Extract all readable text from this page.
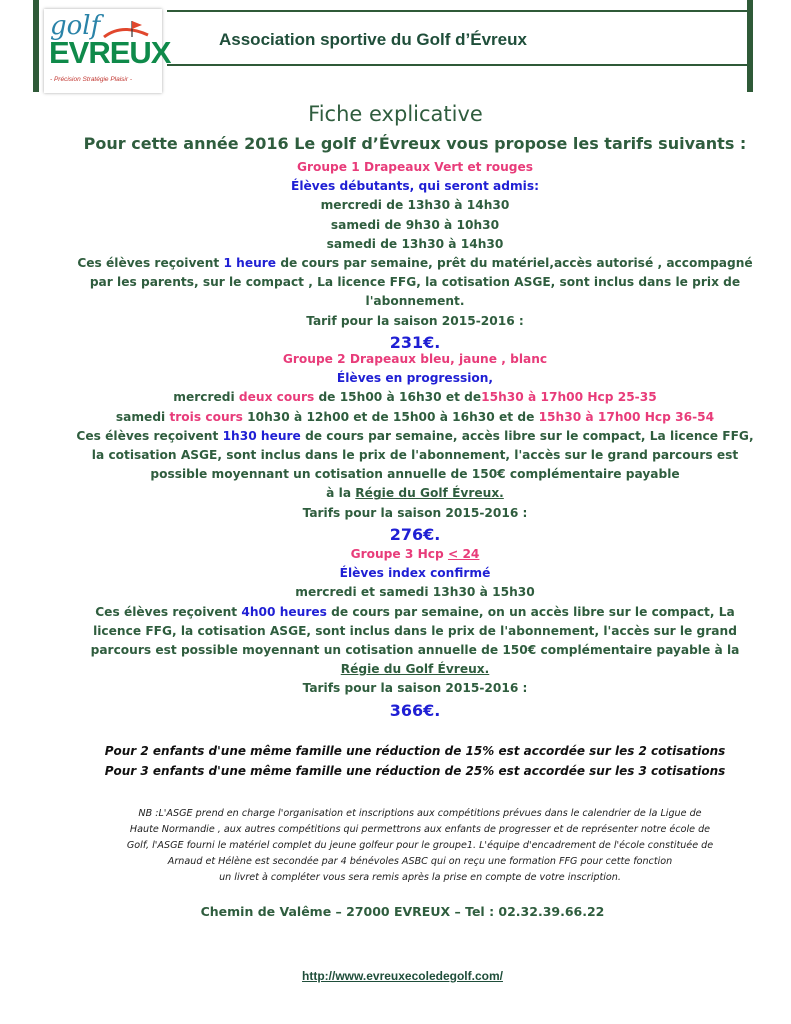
golf
EVREUX
- Précision Stratégie Plaisir -
Association sportive du Golf d’Évreux
Fiche explicative
Pour cette année 2016 Le golf d’Évreux vous propose les tarifs suivants :
Groupe 1 Drapeaux Vert et rouges
Élèves débutants, qui seront admis:
mercredi de 13h30 à 14h30
samedi de 9h30 à 10h30
samedi de 13h30 à 14h30
Ces élèves reçoivent 1 heure de cours par semaine, prêt du matériel,accès autorisé , accompagné
par les parents, sur le compact , La licence FFG, la cotisation ASGE, sont inclus dans le prix de
l'abonnement.
Tarif pour la saison 2015-2016 :
231€.
Groupe 2 Drapeaux bleu, jaune , blanc
Élèves en progression,
mercredi deux cours de 15h00 à 16h30 et de15h30 à 17h00 Hcp 25-35
samedi trois cours 10h30 à 12h00 et de 15h00 à 16h30 et de 15h30 à 17h00 Hcp 36-54
Ces élèves reçoivent 1h30 heure de cours par semaine, accès libre sur le compact, La licence FFG,
la cotisation ASGE, sont inclus dans le prix de l'abonnement, l'accès sur le grand parcours est
possible moyennant un cotisation annuelle de 150€ complémentaire payable
à la Régie du Golf Évreux.
Tarifs pour la saison 2015-2016 :
276€.
Groupe 3 Hcp < 24
Élèves index confirmé
mercredi et samedi 13h30 à 15h30
Ces élèves reçoivent 4h00 heures de cours par semaine, on un accès libre sur le compact, La
licence FFG, la cotisation ASGE, sont inclus dans le prix de l'abonnement, l'accès sur le grand
parcours est possible moyennant un cotisation annuelle de 150€ complémentaire payable à la
Régie du Golf Évreux.
Tarifs pour la saison 2015-2016 :
366€.
Pour 2 enfants d'une même famille une réduction de 15% est accordée sur les 2 cotisations
Pour 3 enfants d'une même famille une réduction de 25% est accordée sur les 3 cotisations
NB :L'ASGE prend en charge l'organisation et inscriptions aux compétitions prévues dans le calendrier de la Ligue de
Haute Normandie , aux autres compétitions qui permettrons aux enfants de progresser et de représenter notre école de
Golf, l'ASGE fourni le matériel complet du jeune golfeur pour le groupe1. L'équipe d'encadrement de l'école constituée de
Arnaud et Hélène est secondée par 4 bénévoles ASBC qui on reçu une formation FFG pour cette fonction
un livret à compléter vous sera remis après la prise en compte de votre inscription.
Chemin de Valême – 27000 EVREUX – Tel : 02.32.39.66.22
http://www.evreuxecoledegolf.com/
